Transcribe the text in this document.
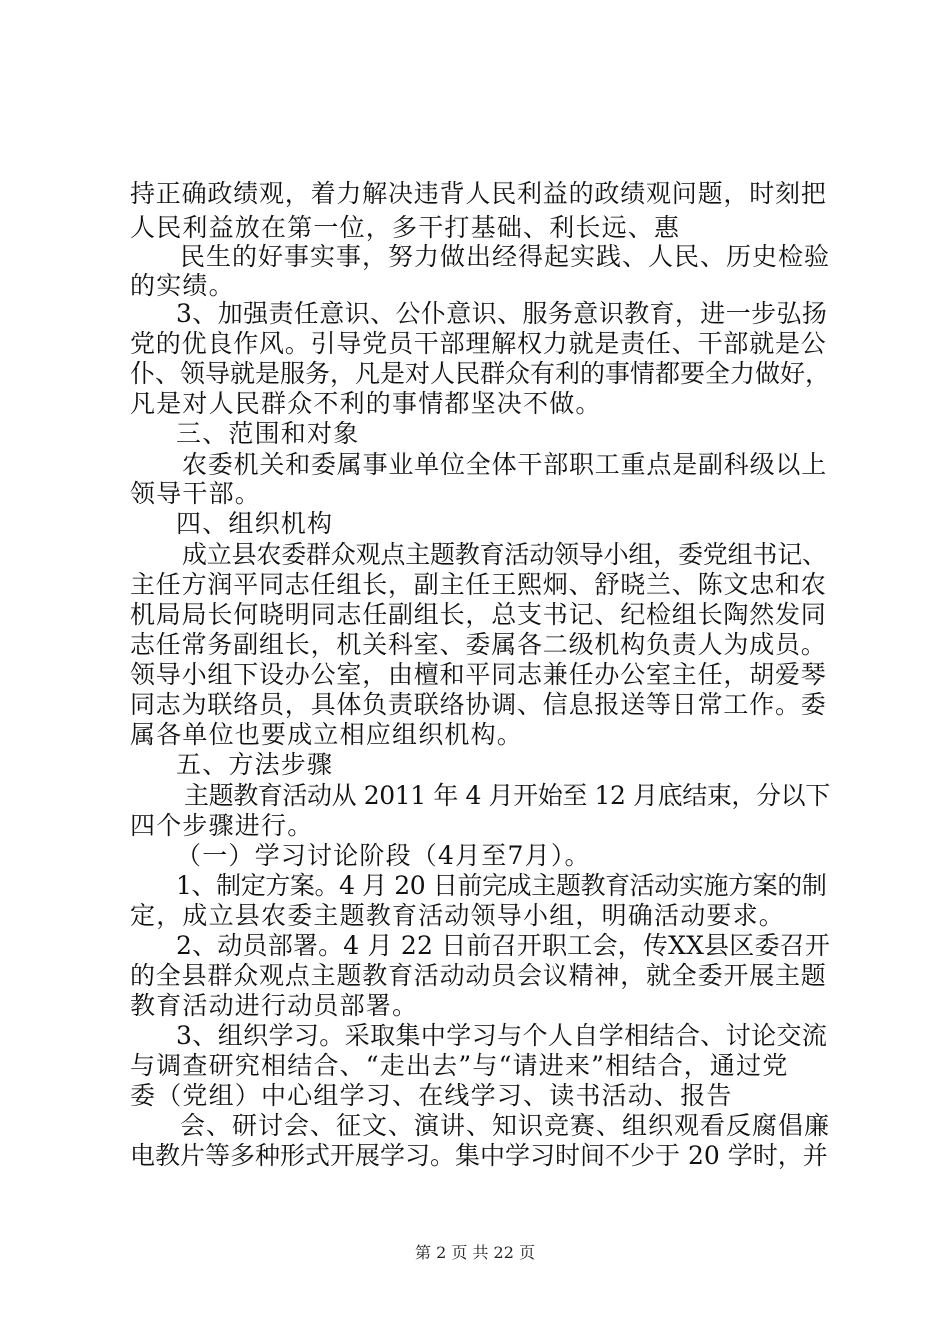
持正确政绩观，着力解决违背人民利益的政绩观问题，时刻把
人民利益放在第一位，多干打基础、利长远、惠
民生的好事实事，努力做出经得起实践、人民、历史检验
的实绩。
3、加强责任意识、公仆意识、服务意识教育，进一步弘扬
党的优良作风。引导党员干部理解权力就是责任、干部就是公
仆、领导就是服务，凡是对人民群众有利的事情都要全力做好，
凡是对人民群众不利的事情都坚决不做。
三、范围和对象
农委机关和委属事业单位全体干部职工重点是副科级以上
领导干部。
四、组织机构
成立县农委群众观点主题教育活动领导小组，委党组书记、
主任方润平同志任组长，副主任王熙炯、舒晓兰、陈文忠和农
机局局长何晓明同志任副组长，总支书记、纪检组长陶然发同
志任常务副组长，机关科室、委属各二级机构负责人为成员。
领导小组下设办公室，由檀和平同志兼任办公室主任，胡爱琴
同志为联络员，具体负责联络协调、信息报送等日常工作。委
属各单位也要成立相应组织机构。
五、方法步骤
主题教育活动从 2011 年 4 月开始至 12 月底结束，分以下
四个步骤进行。
（一）学习讨论阶段（4月至7月）。
1、制定方案。4 月 20 日前完成主题教育活动实施方案的制
定，成立县农委主题教育活动领导小组，明确活动要求。
2、动员部署。4 月 22 日前召开职工会，传XX县区委召开
的全县群众观点主题教育活动动员会议精神，就全委开展主题
教育活动进行动员部署。
3、组织学习。采取集中学习与个人自学相结合、讨论交流
与调查研究相结合、“走出去”与“请进来”相结合，通过党
委（党组）中心组学习、在线学习、读书活动、报告
会、研讨会、征文、演讲、知识竞赛、组织观看反腐倡廉
电教片等多种形式开展学习。集中学习时间不少于 20 学时，并
第 2 页 共 22 页
